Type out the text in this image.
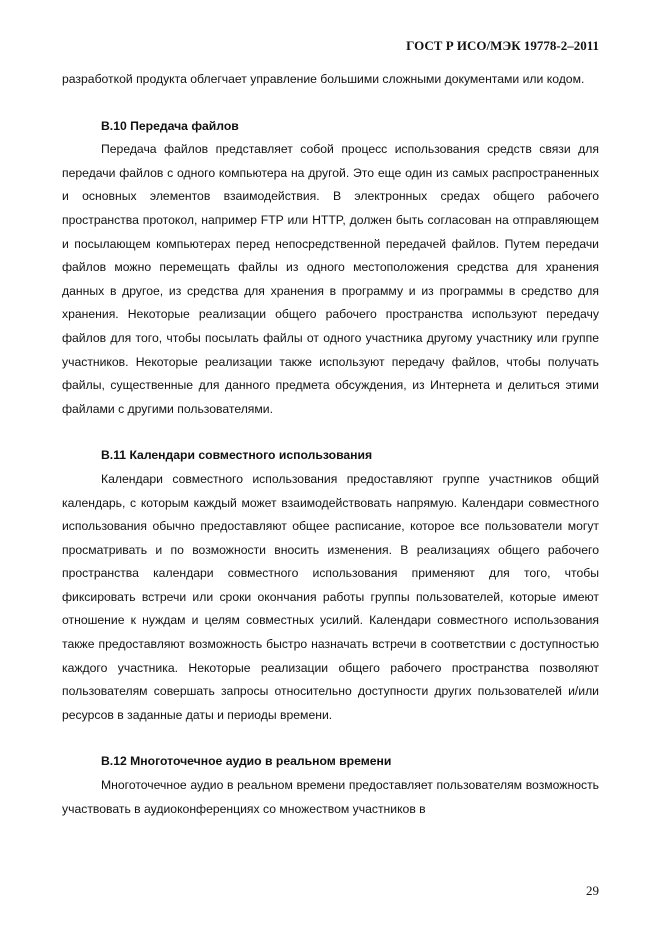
ГОСТ Р ИСО/МЭК 19778-2–2011

разработкой продукта облегчает управление большими сложными документами или кодом.

B.10 Передача файлов

Передача файлов представляет собой процесс использования средств связи для передачи файлов с одного компьютера на другой. Это еще один из самых распространенных и основных элементов взаимодействия. В электронных средах общего рабочего пространства протокол, например FTP или HTTP, должен быть согласован на отправляющем и посылающем компьютерах перед непосредственной передачей файлов. Путем передачи файлов можно перемещать файлы из одного местоположения средства для хранения данных в другое, из средства для хранения в программу и из программы в средство для хранения. Некоторые реализации общего рабочего пространства используют передачу файлов для того, чтобы посылать файлы от одного участника другому участнику или группе участников. Некоторые реализации также используют передачу файлов, чтобы получать файлы, существенные для данного предмета обсуждения, из Интернета и делиться этими файлами с другими пользователями.

B.11 Календари совместного использования

Календари совместного использования предоставляют группе участников общий календарь, с которым каждый может взаимодействовать напрямую. Календари совместного использования обычно предоставляют общее расписание, которое все пользователи могут просматривать и по возможности вносить изменения. В реализациях общего рабочего пространства календари совместного использования применяют для того, чтобы фиксировать встречи или сроки окончания работы группы пользователей, которые имеют отношение к нуждам и целям совместных усилий. Календари совместного использования также предоставляют возможность быстро назначать встречи в соответствии с доступностью каждого участника. Некоторые реализации общего рабочего пространства позволяют пользователям совершать запросы относительно доступности других пользователей и/или ресурсов в заданные даты и периоды времени.

B.12 Многоточечное аудио в реальном времени

Многоточечное аудио в реальном времени предоставляет пользователям возможность участвовать в аудиоконференциях со множеством участников в

29
